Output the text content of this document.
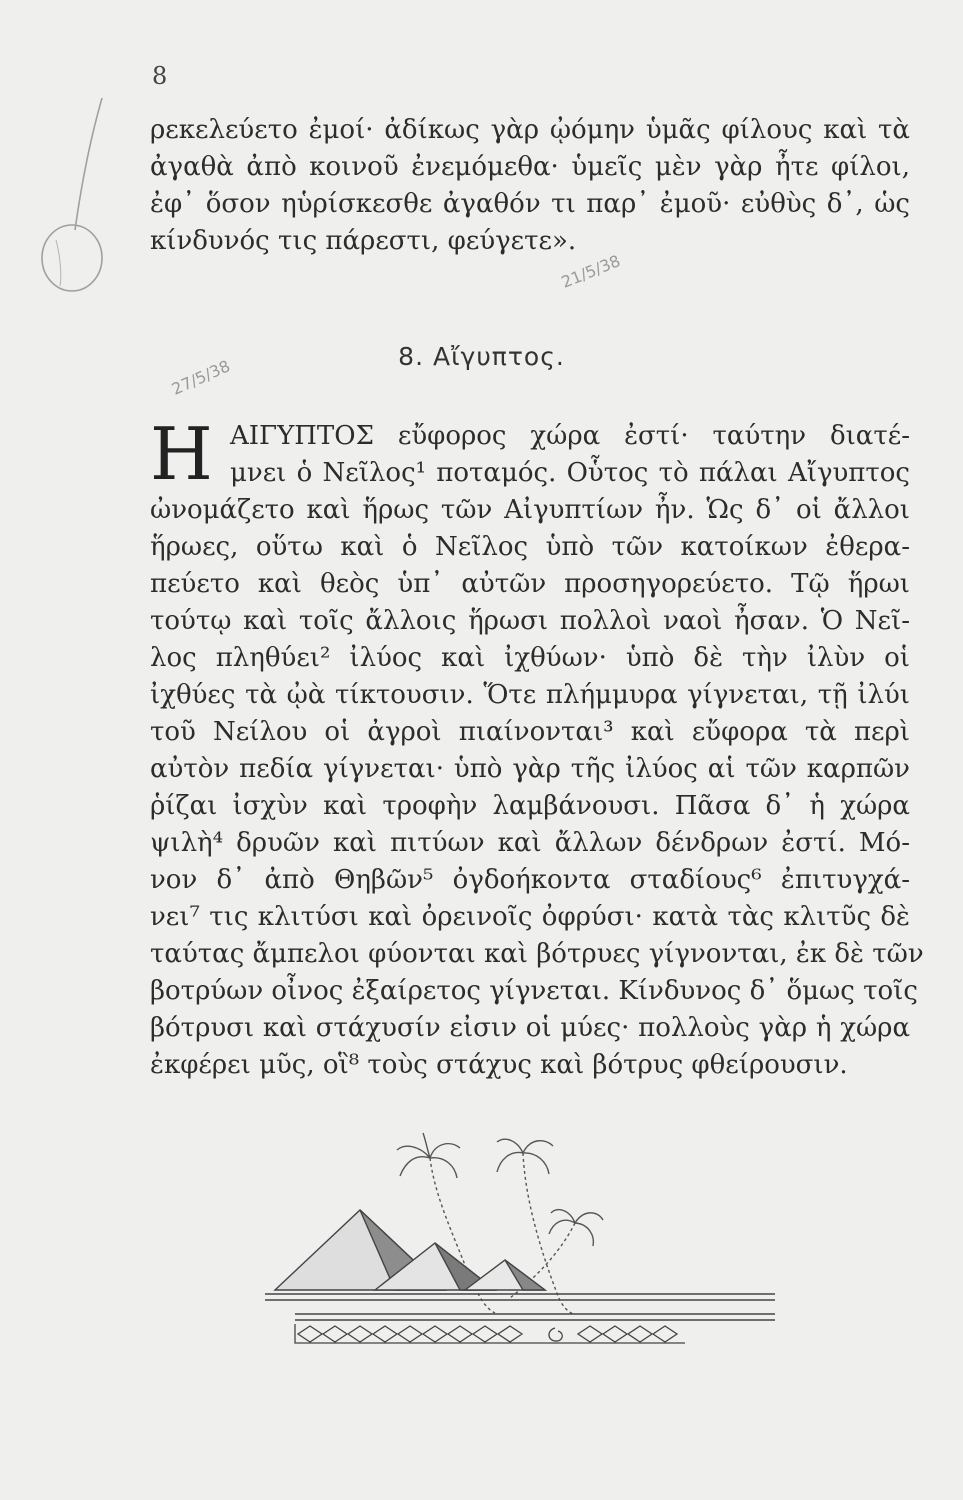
8
ρεκελεύετο ἐμοί· ἀδίκως γὰρ ᾠόμην ὑμᾶς φίλους καὶ τὰ
ἀγαθὰ ἀπὸ κοινοῦ ἐνεμόμεθα· ὑμεῖς μὲν γὰρ ἦτε φίλοι,
ἐφ᾽ ὅσον ηὑρίσκεσθε ἀγαθόν τι παρ᾽ ἐμοῦ· εὐθὺς δ᾽, ὡς
κίνδυνός τις πάρεστι, φεύγετε».
21/5/38
27/5/38	8. Αἴγυπτος.
Η ΑΙΓΥΠΤΟΣ εὔφορος χώρα ἐστί· ταύτην διατέ-
μνει ὁ Νεῖλος¹ ποταμός. Οὗτος τὸ πάλαι Αἴγυπτος
ὠνομάζετο καὶ ἥρως τῶν Αἰγυπτίων ἦν. Ὡς δ᾽ οἱ ἄλλοι
ἥρωες, οὕτω καὶ ὁ Νεῖλος ὑπὸ τῶν κατοίκων ἐθερα-
πεύετο καὶ θεὸς ὑπ᾽ αὐτῶν προσηγορεύετο. Τῷ ἥρωι
τούτῳ καὶ τοῖς ἄλλοις ἥρωσι πολλοὶ ναοὶ ἦσαν. Ὁ Νεῖ-
λος πληθύει² ἰλύος καὶ ἰχθύων· ὑπὸ δὲ τὴν ἰλὺν οἱ
ἰχθύες τὰ ᾠὰ τίκτουσιν. Ὅτε πλήμμυρα γίγνεται, τῇ ἰλύι
τοῦ Νείλου οἱ ἀγροὶ πιαίνονται³ καὶ εὔφορα τὰ περὶ
αὐτὸν πεδία γίγνεται· ὑπὸ γὰρ τῆς ἰλύος αἱ τῶν καρπῶν
ῥίζαι ἰσχὺν καὶ τροφὴν λαμβάνουσι. Πᾶσα δ᾽ ἡ χώρα
ψιλὴ⁴ δρυῶν καὶ πιτύων καὶ ἄλλων δένδρων ἐστί. Μό-
νον δ᾽ ἀπὸ Θηβῶν⁵ ὀγδοήκοντα σταδίους⁶ ἐπιτυγχά-
νει⁷ τις κλιτύσι καὶ ὀρεινοῖς ὀφρύσι· κατὰ τὰς κλιτῦς δὲ
ταύτας ἄμπελοι φύονται καὶ βότρυες γίγνονται, ἐκ δὲ τῶν
βοτρύων οἶνος ἐξαίρετος γίγνεται. Κίνδυνος δ᾽ ὅμως τοῖς
βότρυσι καὶ στάχυσίν εἰσιν οἱ μύες· πολλοὺς γὰρ ἡ χώρα
ἐκφέρει μῦς, οἳ⁸ τοὺς στάχυς καὶ βότρυς φθείρουσιν.
